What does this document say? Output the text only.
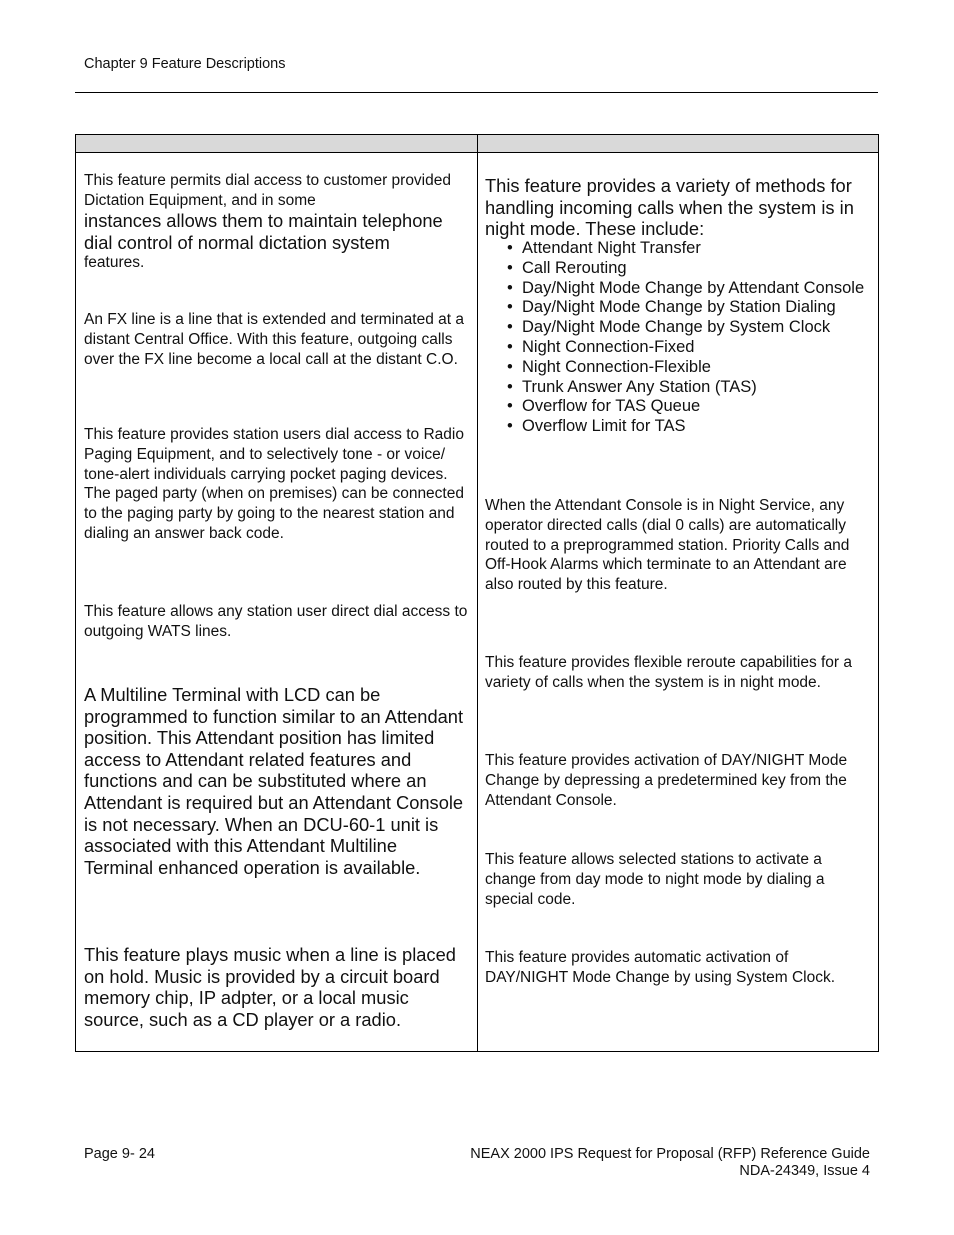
Chapter 9 Feature Descriptions
This feature permits dial access to customer provided Dictation Equipment, and in some
instances allows them to maintain telephone dial control of normal dictation system
features.
An FX line is a line that is extended and terminated at a distant Central Office. With this feature, outgoing calls over the FX line become a local call at the distant C.O.
This feature provides station users dial access to Radio Paging Equipment, and to selectively tone - or voice/ tone-alert individuals carrying pocket paging devices. The paged party (when on premises) can be connected to the paging party by going to the nearest station and dialing an answer back code.
This feature allows any station user direct dial access to outgoing WATS lines.
A Multiline Terminal with LCD can be programmed to function similar to an Attendant position. This Attendant position has limited access to Attendant related features and functions and can be substituted where an Attendant is required but an Attendant Console is not necessary. When an DCU-60-1 unit is associated with this Attendant Multiline Terminal enhanced operation is available.
This feature plays music when a line is placed on hold. Music is provided by a circuit board memory chip, IP adpter, or a local music source, such as a CD player or a radio.
This feature provides a variety of methods for handling incoming calls when the system is in night mode. These include:
• Attendant Night Transfer
• Call Rerouting
• Day/Night Mode Change by Attendant Console
• Day/Night Mode Change by Station Dialing
• Day/Night Mode Change by System Clock
• Night Connection-Fixed
• Night Connection-Flexible
• Trunk Answer Any Station (TAS)
• Overflow for TAS Queue
• Overflow Limit for TAS
When the Attendant Console is in Night Service, any operator directed calls (dial 0 calls) are automatically routed to a preprogrammed station. Priority Calls and Off-Hook Alarms which terminate to an Attendant are also routed by this feature.
This feature provides flexible reroute capabilities for a variety of calls when the system is in night mode.
This feature provides activation of DAY/NIGHT Mode Change by depressing a predetermined key from the Attendant Console.
This feature allows selected stations to activate a change from day mode to night mode by dialing a special code.
This feature provides automatic activation of DAY/NIGHT Mode Change by using System Clock.
Page 9- 24	NEAX 2000 IPS Request for Proposal (RFP) Reference Guide
NDA-24349, Issue 4
